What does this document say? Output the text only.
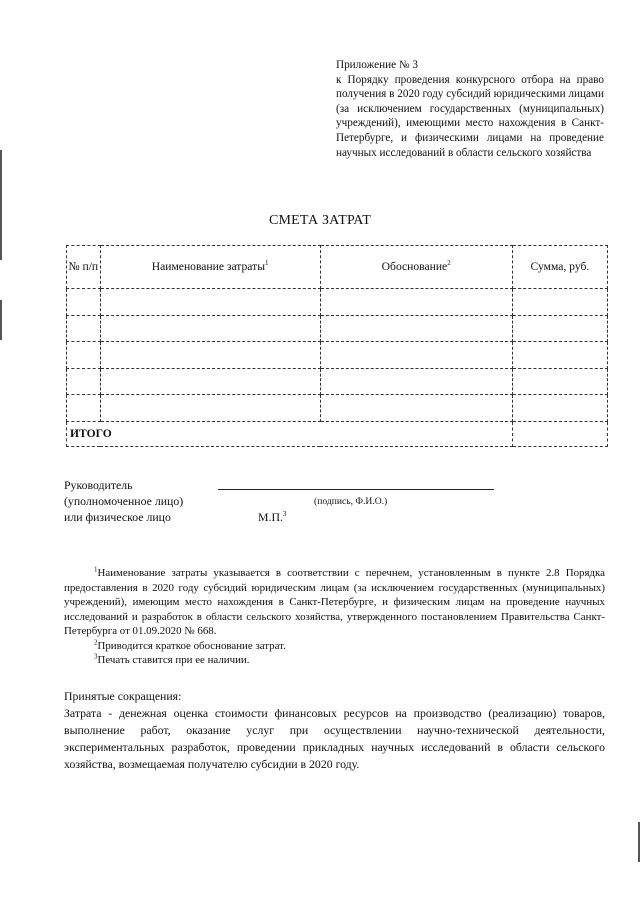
Приложение № 3

к Порядку проведения конкурсного отбора на право получения в 2020 году субсидий юридическими лицами (за исключением государственных (муниципальных) учреждений), имеющими место нахождения в Санкт-Петербурге, и физическими лицами на проведение научных исследований в области сельского хозяйства

СМЕТА ЗАТРАТ
№ п/п	Наименование затраты$^1$	Обоснование$^2$	Сумма, руб.

ИТОГО			
Руководитель
(уполномоченное лицо)	(подпись, Ф.И.О.)
или физическое лицо	М.П.$^3$

$^1$Наименование затраты указывается в соответствии с перечнем, установленным в пункте 2.8 Порядка предоставления в 2020 году субсидий юридическим лицам (за исключением государственных (муниципальных) учреждений), имеющим место нахождения в Санкт-Петербурге, и физическим лицам на проведение научных исследований и разработок в области сельского хозяйства, утвержденного постановлением Правительства Санкт-Петербурга от 01.09.2020 № 668.

$^2$Приводится краткое обоснование затрат.

$^3$Печать ставится при ее наличии.

Принятые сокращения:

Затрата - денежная оценка стоимости финансовых ресурсов на производство (реализацию) товаров, выполнение работ, оказание услуг при осуществлении научно-технической деятельности, экспериментальных разработок, проведении прикладных научных исследований в области сельского хозяйства, возмещаемая получателю субсидии в 2020 году.
